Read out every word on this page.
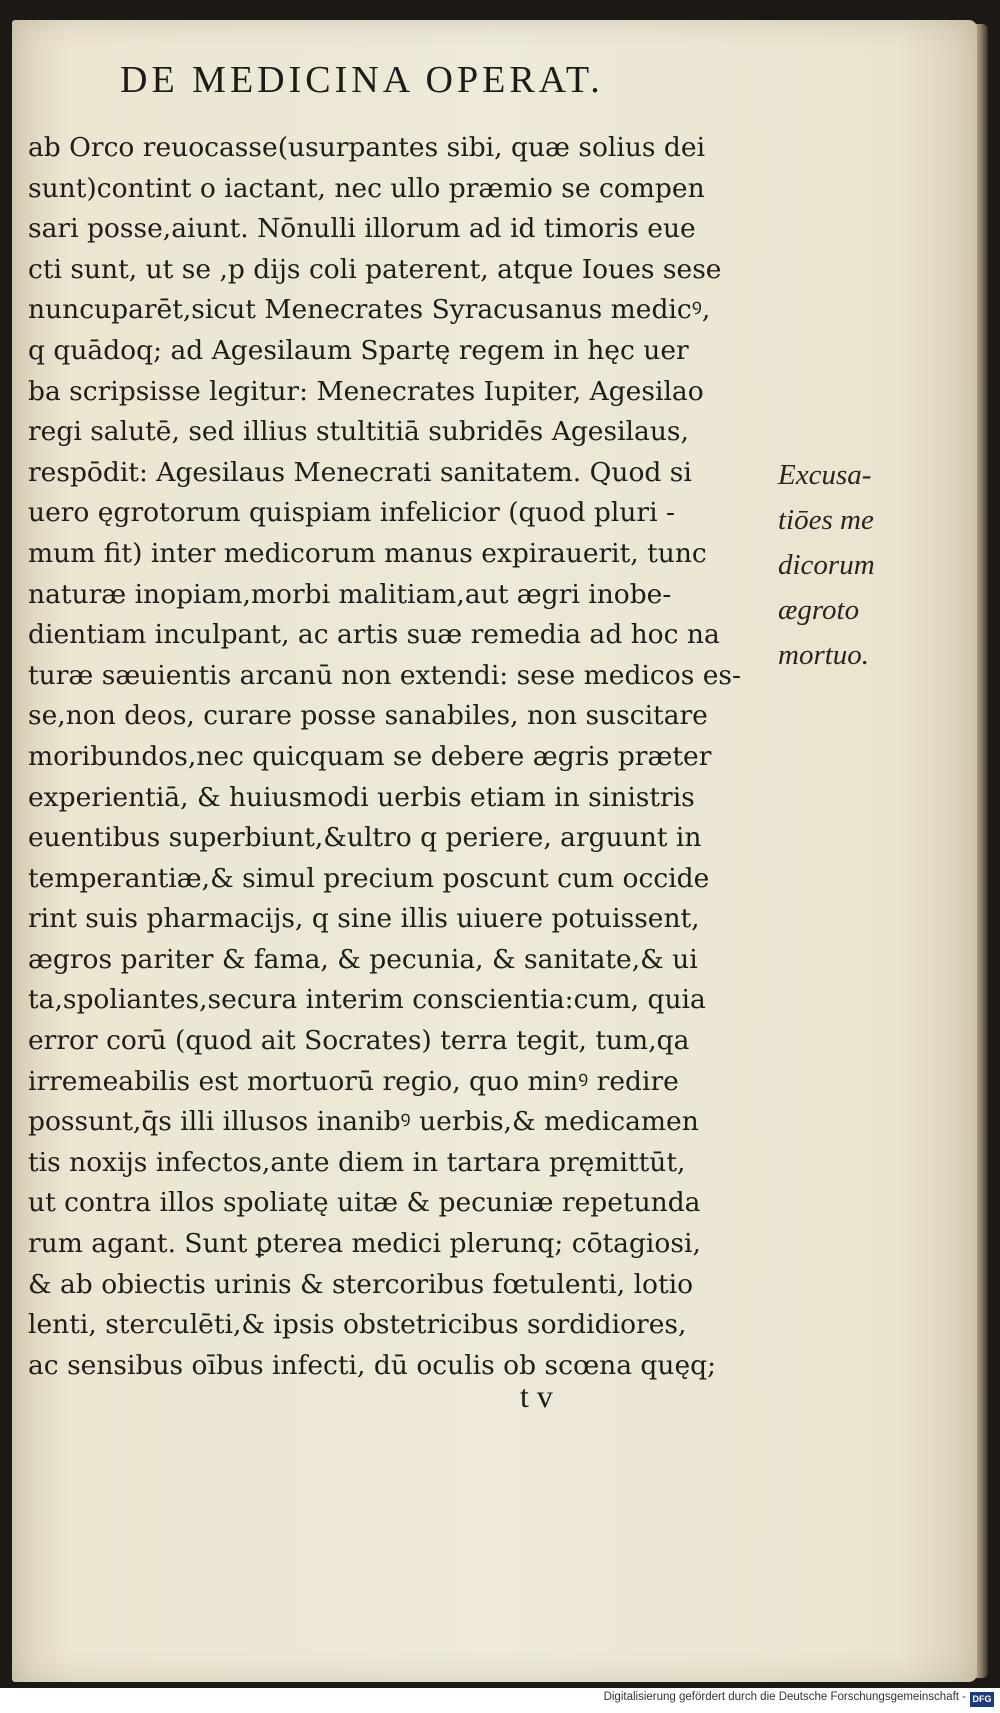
DE MEDICINA OPERAT.
ab Orco reuocasse(usurpantes sibi, quæ solius dei
sunt)contint o iactant, nec ullo præmio se compen
sari posse,aiunt. Nōnulli illorum ad id timoris eue
cti sunt, ut se ,p dijs coli paterent, atque Ioues sese
nuncuparēt,sicut Menecrates Syracusanus medicꝰ,
q quādoq; ad Agesilaum Spartę regem in hęc uer
ba scripsisse legitur: Menecrates Iupiter, Agesilao
regi salutē, sed illius stultitiā subridēs Agesilaus,
respōdit: Agesilaus Menecrati sanitatem. Quod si
uero ęgrotorum quispiam infelicior (quod pluri -
mum fit) inter medicorum manus expirauerit, tunc
naturæ inopiam,morbi malitiam,aut ægri inobe-
dientiam inculpant, ac artis suæ remedia ad hoc na
turæ sæuientis arcanū non extendi: sese medicos es-
se,non deos, curare posse sanabiles, non suscitare
moribundos,nec quicquam se debere ægris præter
experientiā, & huiusmodi uerbis etiam in sinistris
euentibus superbiunt,&ultro q periere, arguunt in
temperantiæ,& simul precium poscunt cum occide
rint suis pharmacijs, q sine illis uiuere potuissent,
ægros pariter & fama, & pecunia, & sanitate,& ui
ta,spoliantes,secura interim conscientia:cum, quia
error corū (quod ait Socrates) terra tegit, tum,qa
irremeabilis est mortuorū regio, quo minꝰ redire
possunt,q̄s illi illusos inanibꝰ uerbis,& medicamen
tis noxijs infectos,ante diem in tartara pręmittūt,
ut contra illos spoliatę uitæ & pecuniæ repetunda
rum agant. Sunt ꝑterea medici plerunq; cōtagiosi,
& ab obiectis urinis & stercoribus fœtulenti, lotio
lenti, sterculēti,& ipsis obstetricibus sordidiores,
ac sensibus oībus infecti, dū oculis ob scœna quęq;
Excusa-
tiōes me
dicorum
ægroto
mortuo.
t v
Digitalisierung gefördert durch die Deutsche Forschungsgemeinschaft - DFG
